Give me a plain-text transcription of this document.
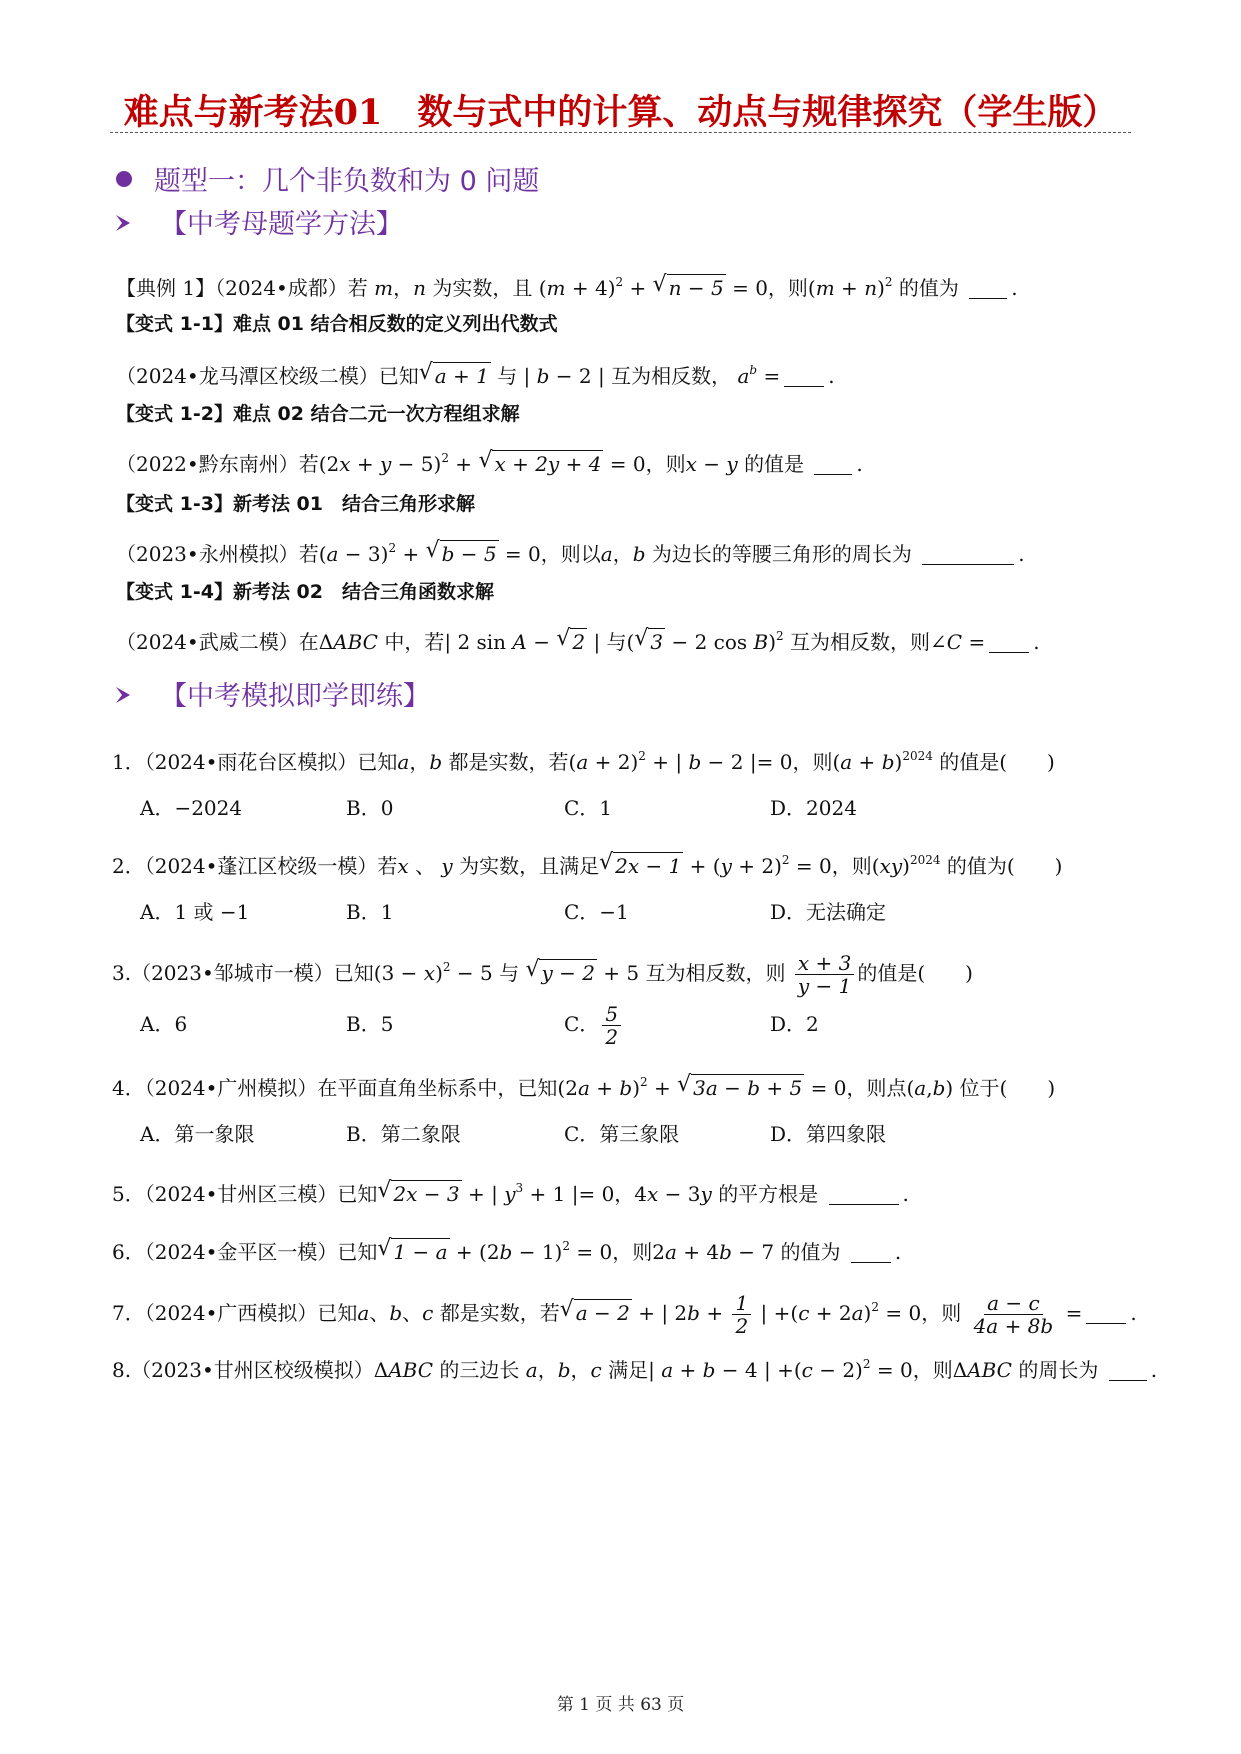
难点与新考法01　数与式中的计算、动点与规律探究（学生版）
题型一：几个非负数和为 0 问题
【中考母题学方法】
【典例 1】（2024•成都）若 m，n 为实数，且 $(m + 4)^2$ + √ n − 5 = 0，则$(m + n)^2$ 的值为	.
【变式 1-1】难点 01 结合相反数的定义列出代数式
（2024•龙马潭区校级二模）已知 √ a + 1 与 | b − 2 | 互为相反数， $a^b$ = .
【变式 1-2】难点 02 结合二元一次方程组求解
（2022•黔东南州）若$(2x + y - 5)^2$ + √ x + 2y + 4 = 0，则x − y 的值是	.
【变式 1-3】新考法 01　结合三角形求解
（2023•永州模拟）若$(a - 3)^2$ + √ b − 5 = 0，则以a，b 为边长的等腰三角形的周长为	.
【变式 1-4】新考法 02　结合三角函数求解
（2024•武威二模）在ΔABC 中，若| 2 sin A − √ 2 | 与( √ 3 − 2 cos B)$^2$ 互为相反数，则∠C = .
【中考模拟即学即练】
1．（2024•雨花台区模拟）已知a，b 都是实数，若$(a + 2)^2$ + | b − 2 |= 0，则$(a + b)^{2024}$ 的值是(　　)
A．−2024	B．0	C．1	D．2024
2．（2024•蓬江区校级一模）若x 、 y 为实数，且满足 √ $2x - 1 + (y + 2)^2 = 0$，则(xy)$^{2024}$ 的值为(　　)
A．1 或 −1	B．1	C．−1	D．无法确定
3.（2023•邹城市一模）已知$(3 - x)^2 - 5$ 与 √ y − 2 + 5 互为相反数，则 $\frac{x + 3}{y - 1}$ 的值是(　　)
A．6	B．5	C． $\frac{5}{2}$	D．2
4．（2024•广州模拟）在平面直角坐标系中，已知$(2a + b)^2$ + √ 3a − b + 5 = 0，则点(a,b) 位于(　　)
A．第一象限	B．第二象限	C．第三象限	D．第四象限
5．（2024•甘州区三模）已知 √ 2x − 3 + | $y^3 + 1$ |= 0，4x − 3y 的平方根是	.
6．（2024•金平区一模）已知 √ $1 - a + (2b - 1)^2 = 0$，则2a + 4b − 7 的值为	.
7．（2024•广西模拟）已知a、b、c 都是实数，若 √ a − 2 + | $2b + \frac{1}{2}$ | $+(c + 2a)^2 = 0$，则 $\frac{a - c}{4a + 8b}$ = .
8.（2023•甘州区校级模拟）ΔABC 的三边长 a，b，c 满足| a + b − 4 | $+(c - 2)^2 = 0$，则ΔABC 的周长为	.
第 1 页 共 63 页
